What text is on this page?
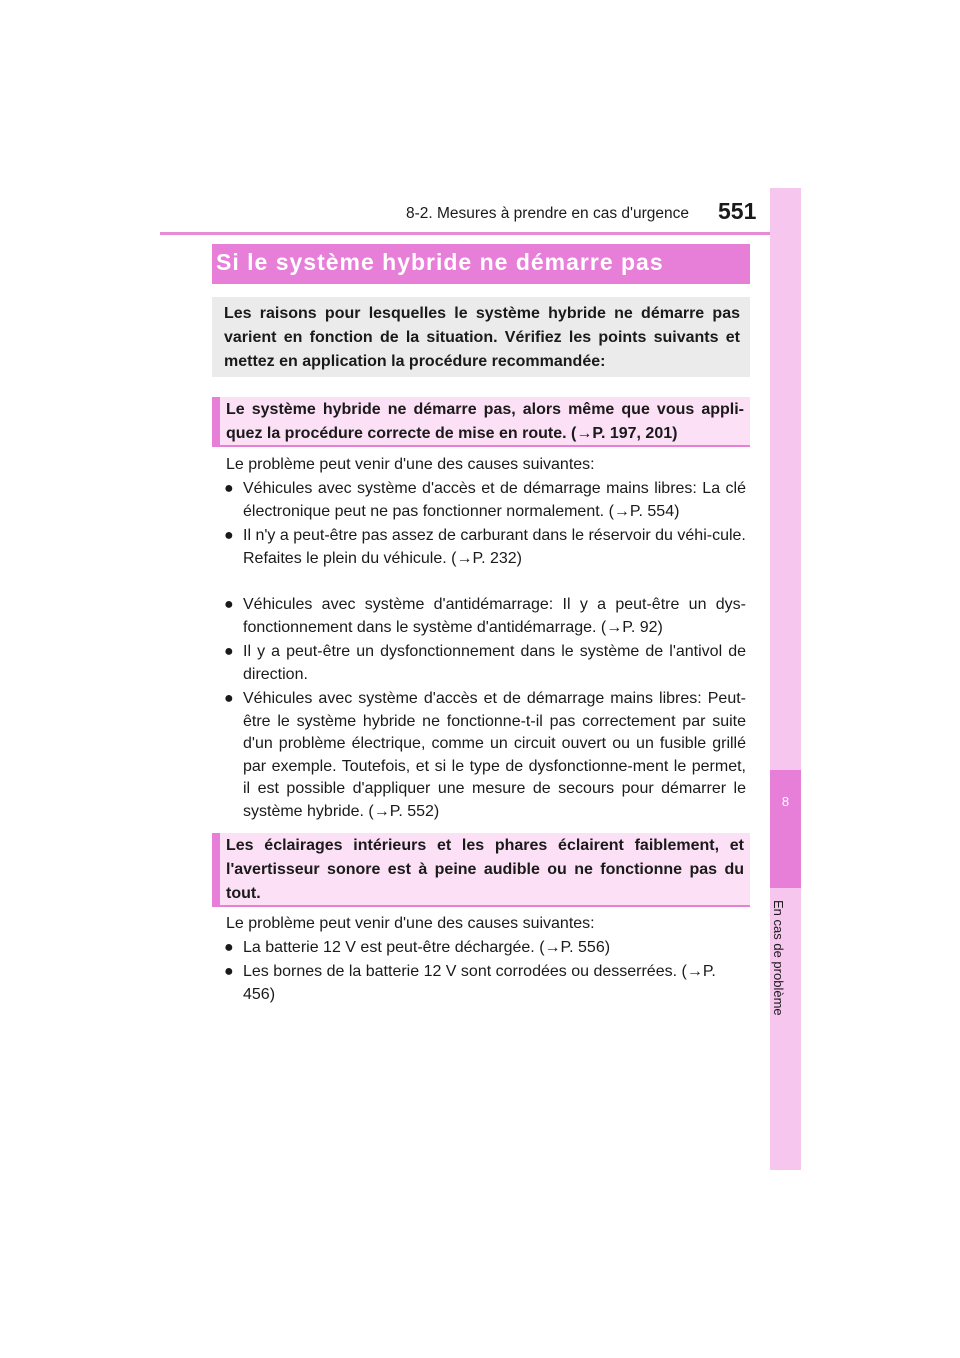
8-2. Mesures à prendre en cas d'urgence 551
8
En cas de problème
Si le système hybride ne démarre pas
Les raisons pour lesquelles le système hybride ne démarre pas varient en fonction de la situation. Vérifiez les points suivants et mettez en application la procédure recommandée:
Le système hybride ne démarre pas, alors même que vous appli-quez la procédure correcte de mise en route. (→P. 197, 201)
Le problème peut venir d'une des causes suivantes:
● Véhicules avec système d'accès et de démarrage mains libres: La clé électronique peut ne pas fonctionner normalement. (→P. 554)
● Il n'y a peut-être pas assez de carburant dans le réservoir du véhi-cule.
Refaites le plein du véhicule. (→P. 232)
● Véhicules avec système d'antidémarrage: Il y a peut-être un dys-fonctionnement dans le système d'antidémarrage. (→P. 92)
● Il y a peut-être un dysfonctionnement dans le système de l'antivol de direction.
● Véhicules avec système d'accès et de démarrage mains libres: Peut-être le système hybride ne fonctionne-t-il pas correctement par suite d'un problème électrique, comme un circuit ouvert ou un fusible grillé par exemple. Toutefois, et si le type de dysfonctionne-ment le permet, il est possible d'appliquer une mesure de secours pour démarrer le système hybride. (→P. 552)
Les éclairages intérieurs et les phares éclairent faiblement, et l'avertisseur sonore est à peine audible ou ne fonctionne pas du tout.
Le problème peut venir d'une des causes suivantes:
● La batterie 12 V est peut-être déchargée. (→P. 556)
● Les bornes de la batterie 12 V sont corrodées ou desserrées. (→P. 456)
